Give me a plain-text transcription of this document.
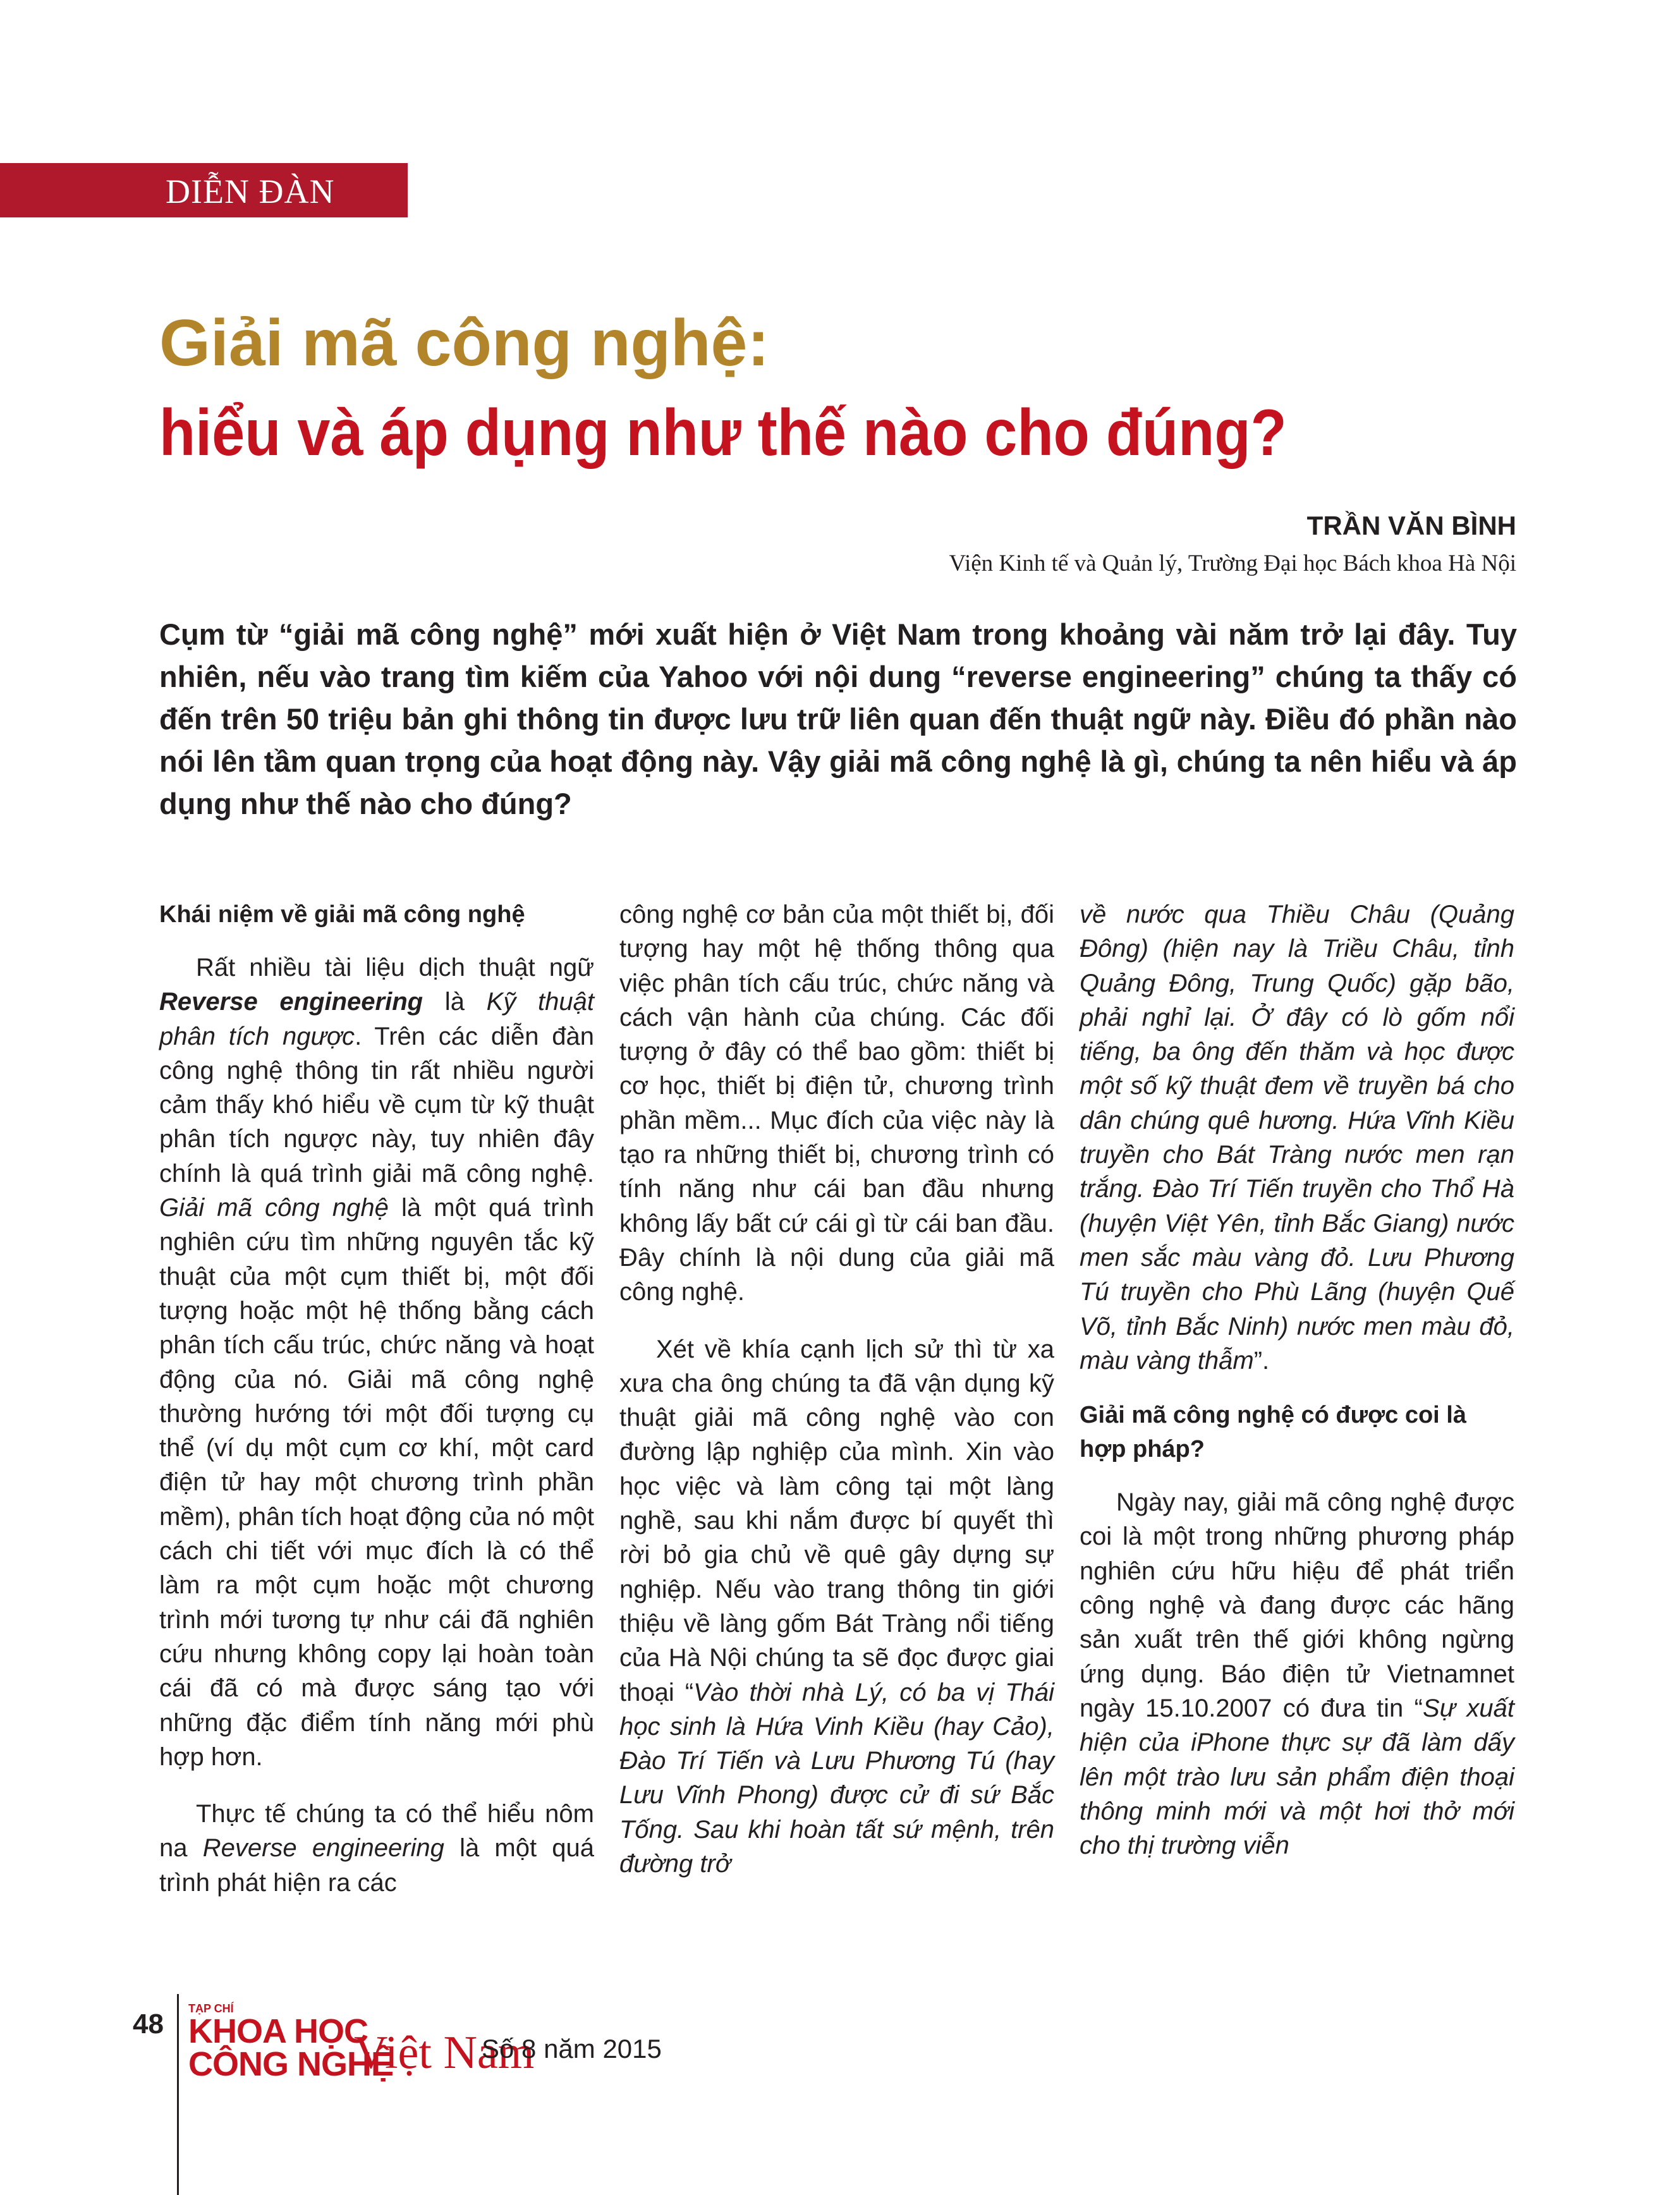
DIỄN ĐÀN
Giải mã công nghệ:
hiểu và áp dụng như thế nào cho đúng?
TRẦN VĂN BÌNH
Viện Kinh tế và Quản lý, Trường Đại học Bách khoa Hà Nội
Cụm từ “giải mã công nghệ” mới xuất hiện ở Việt Nam trong khoảng vài năm trở lại đây. Tuy nhiên, nếu vào trang tìm kiếm của Yahoo với nội dung “reverse engineering” chúng ta thấy có đến trên 50 triệu bản ghi thông tin được lưu trữ liên quan đến thuật ngữ này. Điều đó phần nào nói lên tầm quan trọng của hoạt động này. Vậy giải mã công nghệ là gì, chúng ta nên hiểu và áp dụng như thế nào cho đúng?
Khái niệm về giải mã công nghệ

Rất nhiều tài liệu dịch thuật ngữ Reverse engineering là Kỹ thuật phân tích ngược. Trên các diễn đàn công nghệ thông tin rất nhiều người cảm thấy khó hiểu về cụm từ kỹ thuật phân tích ngược này, tuy nhiên đây chính là quá trình giải mã công nghệ. Giải mã công nghệ là một quá trình nghiên cứu tìm những nguyên tắc kỹ thuật của một cụm thiết bị, một đối tượng hoặc một hệ thống bằng cách phân tích cấu trúc, chức năng và hoạt động của nó. Giải mã công nghệ thường hướng tới một đối tượng cụ thể (ví dụ một cụm cơ khí, một card điện tử hay một chương trình phần mềm), phân tích hoạt động của nó một cách chi tiết với mục đích là có thể làm ra một cụm hoặc một chương trình mới tương tự như cái đã nghiên cứu nhưng không copy lại hoàn toàn cái đã có mà được sáng tạo với những đặc điểm tính năng mới phù hợp hơn.

Thực tế chúng ta có thể hiểu nôm na Reverse engineering là một quá trình phát hiện ra các

công nghệ cơ bản của một thiết bị, đối tượng hay một hệ thống thông qua việc phân tích cấu trúc, chức năng và cách vận hành của chúng. Các đối tượng ở đây có thể bao gồm: thiết bị cơ học, thiết bị điện tử, chương trình phần mềm... Mục đích của việc này là tạo ra những thiết bị, chương trình có tính năng như cái ban đầu nhưng không lấy bất cứ cái gì từ cái ban đầu. Đây chính là nội dung của giải mã công nghệ.

Xét về khía cạnh lịch sử thì từ xa xưa cha ông chúng ta đã vận dụng kỹ thuật giải mã công nghệ vào con đường lập nghiệp của mình. Xin vào học việc và làm công tại một làng nghề, sau khi nắm được bí quyết thì rời bỏ gia chủ về quê gây dựng sự nghiệp. Nếu vào trang thông tin giới thiệu về làng gốm Bát Tràng nổi tiếng của Hà Nội chúng ta sẽ đọc được giai thoại “Vào thời nhà Lý, có ba vị Thái học sinh là Hứa Vinh Kiều (hay Cảo), Đào Trí Tiến và Lưu Phương Tú (hay Lưu Vĩnh Phong) được cử đi sứ Bắc Tống. Sau khi hoàn tất sứ mệnh, trên đường trở

về nước qua Thiều Châu (Quảng Đông) (hiện nay là Triều Châu, tỉnh Quảng Đông, Trung Quốc) gặp bão, phải nghỉ lại. Ở đây có lò gốm nổi tiếng, ba ông đến thăm và học được một số kỹ thuật đem về truyền bá cho dân chúng quê hương. Hứa Vĩnh Kiều truyền cho Bát Tràng nước men rạn trắng. Đào Trí Tiến truyền cho Thổ Hà (huyện Việt Yên, tỉnh Bắc Giang) nước men sắc màu vàng đỏ. Lưu Phương Tú truyền cho Phù Lãng (huyện Quế Võ, tỉnh Bắc Ninh) nước men màu đỏ, màu vàng thẫm”.

Giải mã công nghệ có được coi là hợp pháp?

Ngày nay, giải mã công nghệ được coi là một trong những phương pháp nghiên cứu hữu hiệu để phát triển công nghệ và đang được các hãng sản xuất trên thế giới không ngừng ứng dụng. Báo điện tử Vietnamnet ngày 15.10.2007 có đưa tin “Sự xuất hiện của iPhone thực sự đã làm dấy lên một trào lưu sản phẩm điện thoại thông minh mới và một hơi thở mới cho thị trường viễn

48 TẠP CHÍ
KHOA HỌC
CÔNG NGHỆ
Việt Nam
Số 8 năm 2015
